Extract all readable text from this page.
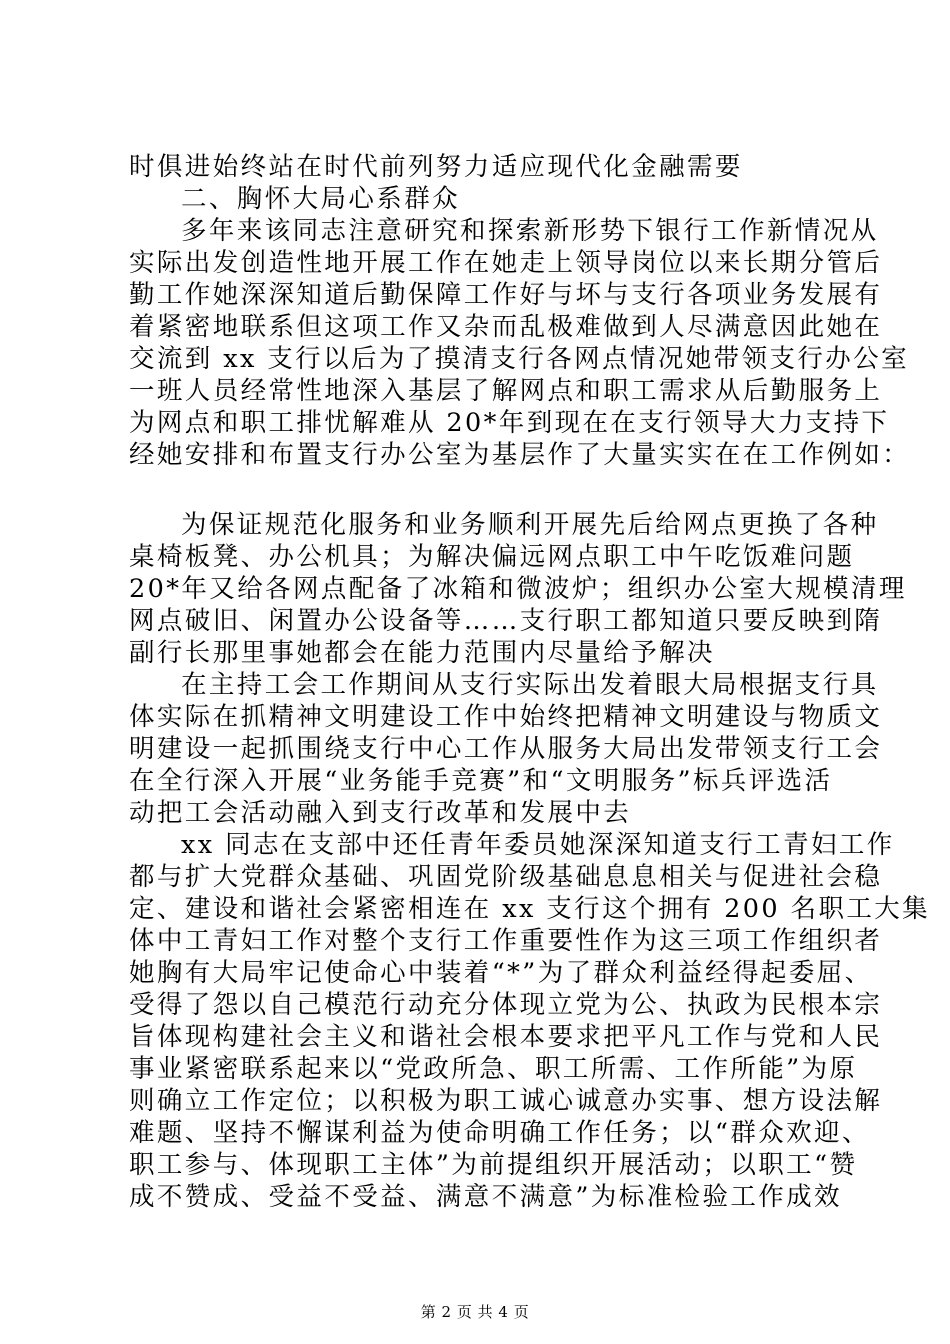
时俱进始终站在时代前列努力适应现代化金融需要
二、胸怀大局心系群众
多年来该同志注意研究和探索新形势下银行工作新情况从
实际出发创造性地开展工作在她走上领导岗位以来长期分管后
勤工作她深深知道后勤保障工作好与坏与支行各项业务发展有
着紧密地联系但这项工作又杂而乱极难做到人尽满意因此她在
交流到 xx 支行以后为了摸清支行各网点情况她带领支行办公室
一班人员经常性地深入基层了解网点和职工需求从后勤服务上
为网点和职工排忧解难从 20*年到现在在支行领导大力支持下
经她安排和布置支行办公室为基层作了大量实实在在工作例如：
为保证规范化服务和业务顺利开展先后给网点更换了各种
桌椅板凳、办公机具；为解决偏远网点职工中午吃饭难问题
20*年又给各网点配备了冰箱和微波炉；组织办公室大规模清理
网点破旧、闲置办公设备等……支行职工都知道只要反映到隋
副行长那里事她都会在能力范围内尽量给予解决
在主持工会工作期间从支行实际出发着眼大局根据支行具
体实际在抓精神文明建设工作中始终把精神文明建设与物质文
明建设一起抓围绕支行中心工作从服务大局出发带领支行工会
在全行深入开展“业务能手竞赛”和“文明服务”标兵评选活
动把工会活动融入到支行改革和发展中去
xx 同志在支部中还任青年委员她深深知道支行工青妇工作
都与扩大党群众基础、巩固党阶级基础息息相关与促进社会稳
定、建设和谐社会紧密相连在 xx 支行这个拥有 200 名职工大集
体中工青妇工作对整个支行工作重要性作为这三项工作组织者
她胸有大局牢记使命心中装着“*”为了群众利益经得起委屈、
受得了怨以自己模范行动充分体现立党为公、执政为民根本宗
旨体现构建社会主义和谐社会根本要求把平凡工作与党和人民
事业紧密联系起来以“党政所急、职工所需、工作所能”为原
则确立工作定位；以积极为职工诚心诚意办实事、想方设法解
难题、坚持不懈谋利益为使命明确工作任务；以“群众欢迎、
职工参与、体现职工主体”为前提组织开展活动；以职工“赞
成不赞成、受益不受益、满意不满意”为标准检验工作成效
第 2 页 共 4 页
